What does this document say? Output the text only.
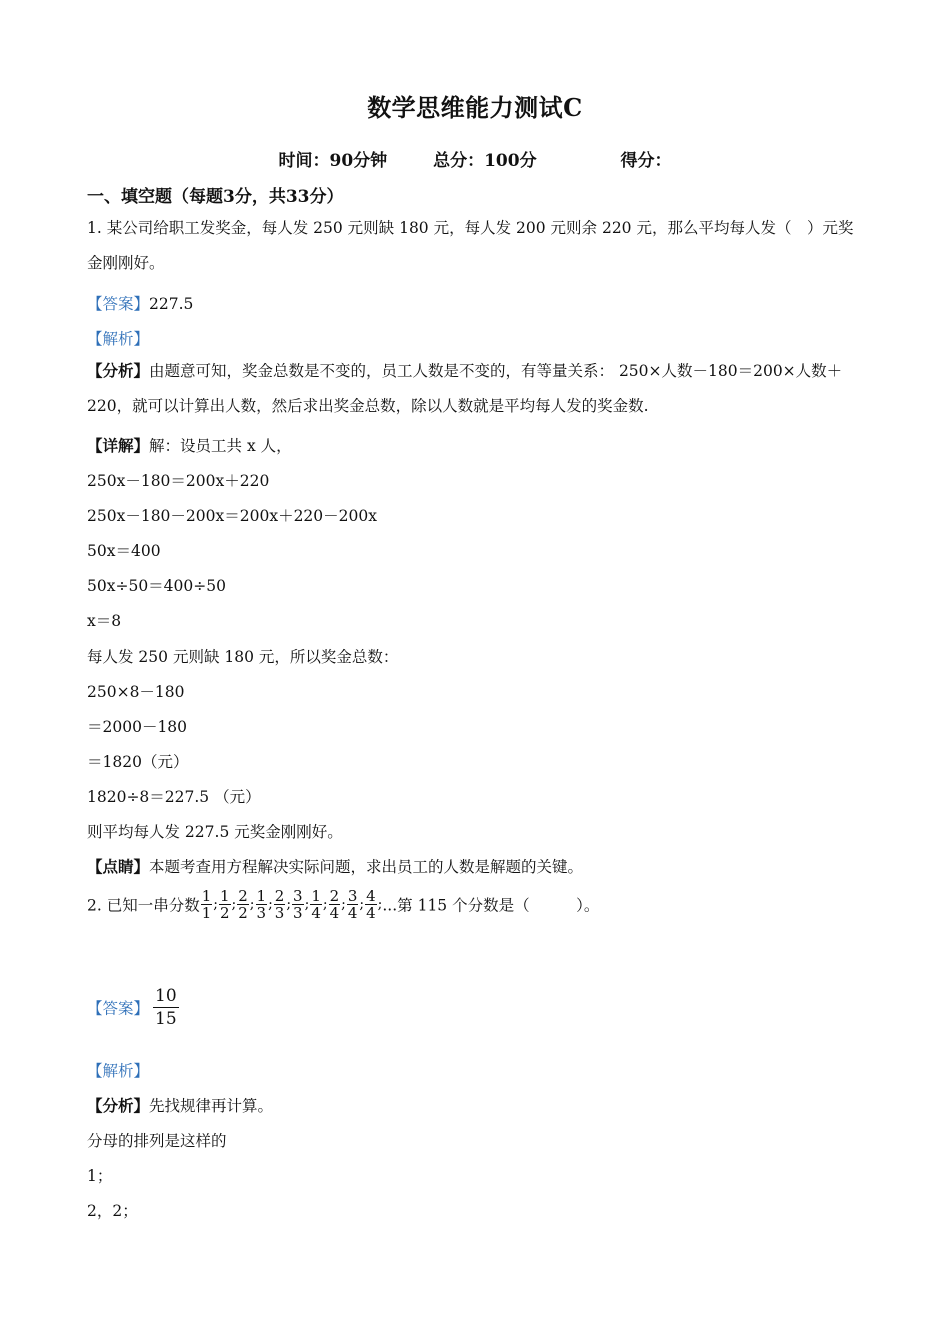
数学思维能力测试C
时间：90分钟	总分：100分	得分：
一、填空题（每题3分，共33分）
1. 某公司给职工发奖金，每人发 250 元则缺 180 元，每人发 200 元则余 220 元，那么平均每人发（　）元奖金刚刚好。
【答案】227.5
【解析】
【分析】由题意可知，奖金总数是不变的，员工人数是不变的，有等量关系： 250×人数－180＝200×人数＋220，就可以计算出人数，然后求出奖金总数，除以人数就是平均每人发的奖金数.
【详解】解：设员工共 x 人，
250x－180＝200x＋220
250x－180－200x＝200x＋220－200x
50x＝400
50x÷50＝400÷50
x＝8
每人发 250 元则缺 180 元，所以奖金总数：
250×8－180
＝2000－180
＝1820（元）
1820÷8＝227.5 （元）
则平均每人发 227.5 元奖金刚刚好。
【点睛】本题考查用方程解决实际问题，求出员工的人数是解题的关键。
2. 已知一串分数 $\frac{1}{1}$ ; $\frac{1}{2}$ ; $\frac{2}{2}$ ; $\frac{1}{3}$ ; $\frac{2}{3}$ ; $\frac{3}{3}$ ; $\frac{1}{4}$ ; $\frac{2}{4}$ ; $\frac{3}{4}$ ; $\frac{4}{4}$ ;...第 115 个分数是（　　　）。
【答案】 $\frac{10}{15}$
【解析】
【分析】先找规律再计算。
分母的排列是这样的
1；
2，2；
